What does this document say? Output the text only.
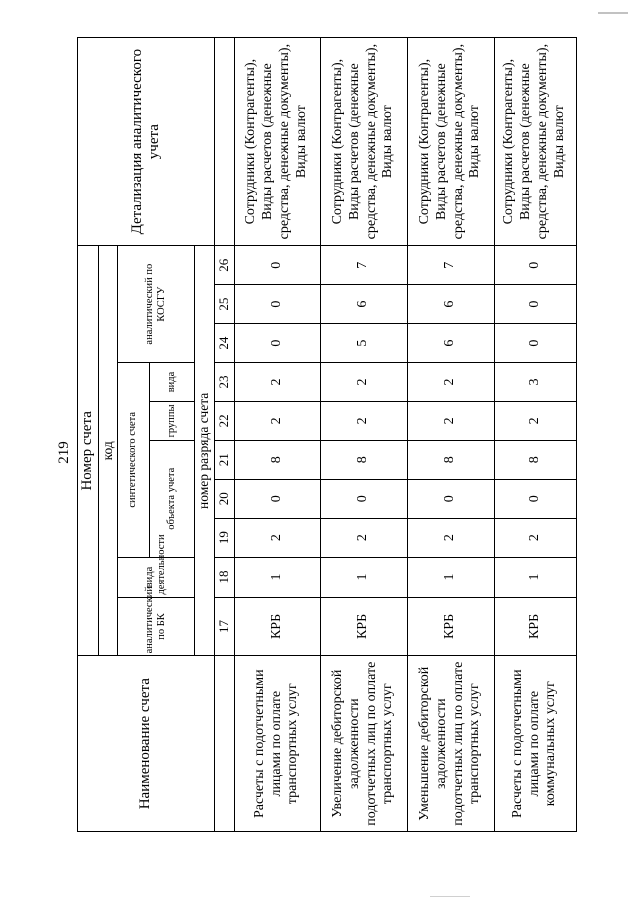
219
Наименование счета	Номер счета										Детализация аналитического учета
	код										
	аналитический по БК	вида деятельности	синтетического счета					аналитический по КОСГУ			
			объекта учета			группы	вида				
	номер разряда счета										
	17	18	19	20	21	22	23	24	25	26	
Расчеты с подотчетными лицами по оплате транспортных услуг	КРБ	1	2	0	8	2	2	0	0	0	Сотрудники (Контрагенты), Виды расчетов (денежные средства, денежные документы), Виды валют
Увеличение дебиторской задолженности подотчетных лиц по оплате транспортных услуг	КРБ	1	2	0	8	2	2	5	6	7	Сотрудники (Контрагенты), Виды расчетов (денежные средства, денежные документы), Виды валют
Уменьшение дебиторской задолженности подотчетных лиц по оплате транспортных услуг	КРБ	1	2	0	8	2	2	6	6	7	Сотрудники (Контрагенты), Виды расчетов (денежные средства, денежные документы), Виды валют
Расчеты с подотчетными лицами по оплате коммунальных услуг	КРБ	1	2	0	8	2	3	0	0	0	Сотрудники (Контрагенты), Виды расчетов (денежные средства, денежные документы), Виды валют
